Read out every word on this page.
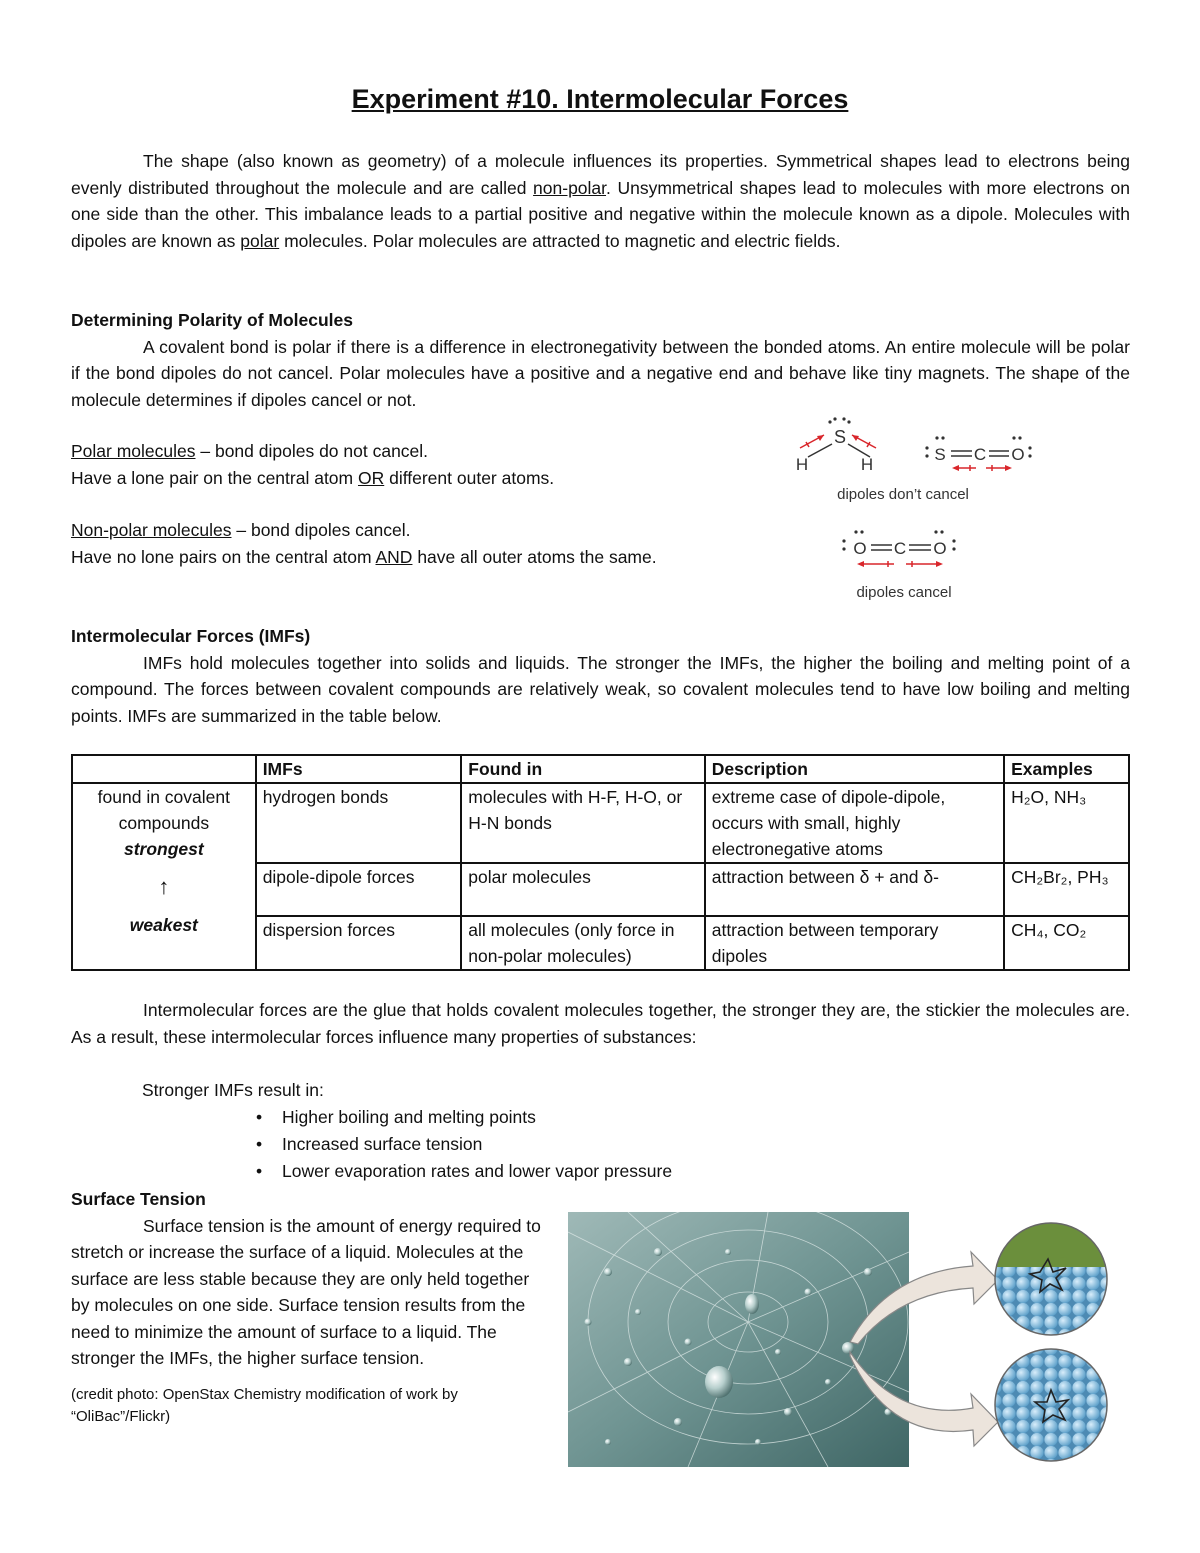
Experiment #10. Intermolecular Forces

The shape (also known as geometry) of a molecule influences its properties. Symmetrical shapes lead to electrons being evenly distributed throughout the molecule and are called non-polar. Unsymmetrical shapes lead to molecules with more electrons on one side than the other. This imbalance leads to a partial positive and negative within the molecule known as a dipole. Molecules with dipoles are known as polar molecules. Polar molecules are attracted to magnetic and electric fields.

Determining Polarity of Molecules

A covalent bond is polar if there is a difference in electronegativity between the bonded atoms. An entire molecule will be polar if the bond dipoles do not cancel. Polar molecules have a positive and a negative end and behave like tiny magnets. The shape of the molecule determines if dipoles cancel or not.

Polar molecules – bond dipoles do not cancel.
Have a lone pair on the central atom OR different outer atoms.
Non-polar molecules – bond dipoles cancel.
Have no lone pairs on the central atom AND have all outer atoms the same.
S
H	H
S C O
dipoles don’t cancel
O C O
dipoles cancel

Intermolecular Forces (IMFs)

IMFs hold molecules together into solids and liquids. The stronger the IMFs, the higher the boiling and melting point of a compound. The forces between covalent compounds are relatively weak, so covalent molecules tend to have low boiling and melting points. IMFs are summarized in the table below.

	IMFs	Found in	Description	Examples

found in covalent
compounds
strongest
↑
weakest	hydrogen bonds	molecules with H-F, H-O, or H-N bonds	extreme case of dipole-dipole, occurs with small, highly electronegative atoms	H₂O, NH₃
	dipole-dipole forces	polar molecules	attraction between δ + and δ-	CH₂Br₂, PH₃
	dispersion forces	all molecules (only force in non-polar molecules)	attraction between temporary dipoles	CH₄, CO₂

Intermolecular forces are the glue that holds covalent molecules together, the stronger they are, the stickier the molecules are. As a result, these intermolecular forces influence many properties of substances:

Stronger IMFs result in:
• Higher boiling and melting points
• Increased surface tension
• Lower evaporation rates and lower vapor pressure
Surface Tension
Surface tension is the amount of energy required to stretch or increase the surface of a liquid. Molecules at the surface are less stable because they are only held together by molecules on one side. Surface tension results from the need to minimize the amount of surface to a liquid. The stronger the IMFs, the higher surface tension.
(credit photo: OpenStax Chemistry modification of work by “OliBac”/Flickr)
